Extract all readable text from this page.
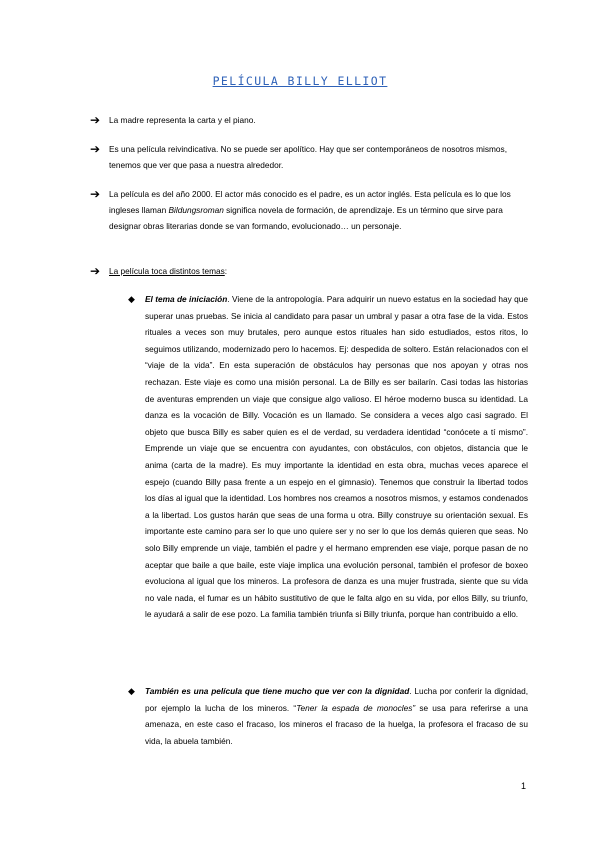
PELÍCULA BILLY ELLIOT
➔ La madre representa la carta y el piano.
➔ Es una película reivindicativa. No se puede ser apolítico. Hay que ser contemporáneos de nosotros mismos, tenemos que ver que pasa a nuestra alrededor.
➔ La película es del año 2000. El actor más conocido es el padre, es un actor inglés. Esta película es lo que los ingleses llaman Bildungsroman significa novela de formación, de aprendizaje. Es un término que sirve para designar obras literarias donde se van formando, evolucionado… un personaje.
➔ La película toca distintos temas:
◆ El tema de iniciación. Viene de la antropología. Para adquirir un nuevo estatus en la sociedad hay que superar unas pruebas. Se inicia al candidato para pasar un umbral y pasar a otra fase de la vida. Estos rituales a veces son muy brutales, pero aunque estos rituales han sido estudiados, estos ritos, lo seguimos utilizando, modernizado pero lo hacemos. Ej: despedida de soltero. Están relacionados con el “viaje de la vida”. En esta superación de obstáculos hay personas que nos apoyan y otras nos rechazan. Este viaje es como una misión personal. La de Billy es ser bailarín. Casi todas las historias de aventuras emprenden un viaje que consigue algo valioso. El héroe moderno busca su identidad. La danza es la vocación de Billy. Vocación es un llamado. Se considera a veces algo casi sagrado. El objeto que busca Billy es saber quien es el de verdad, su verdadera identidad “conócete a tí mismo”. Emprende un viaje que se encuentra con ayudantes, con obstáculos, con objetos, distancia que le anima (carta de la madre). Es muy importante la identidad en esta obra, muchas veces aparece el espejo (cuando Billy pasa frente a un espejo en el gimnasio). Tenemos que construir la libertad todos los días al igual que la identidad. Los hombres nos creamos a nosotros mismos, y estamos condenados a la libertad. Los gustos harán que seas de una forma u otra. Billy construye su orientación sexual. Es importante este camino para ser lo que uno quiere ser y no ser lo que los demás quieren que seas. No solo Billy emprende un viaje, también el padre y el hermano emprenden ese viaje, porque pasan de no aceptar que baile a que baile, este viaje implica una evolución personal, también el profesor de boxeo evoluciona al igual que los mineros. La profesora de danza es una mujer frustrada, siente que su vida no vale nada, el fumar es un hábito sustitutivo de que le falta algo en su vida, por ellos Billy, su triunfo, le ayudará a salir de ese pozo. La familia también triunfa si Billy triunfa, porque han contribuido a ello.
◆ También es una película que tiene mucho que ver con la dignidad. Lucha por conferir la dignidad, por ejemplo la lucha de los mineros. “Tener la espada de monocles” se usa para referirse a una amenaza, en este caso el fracaso, los mineros el fracaso de la huelga, la profesora el fracaso de su vida, la abuela también.
1
